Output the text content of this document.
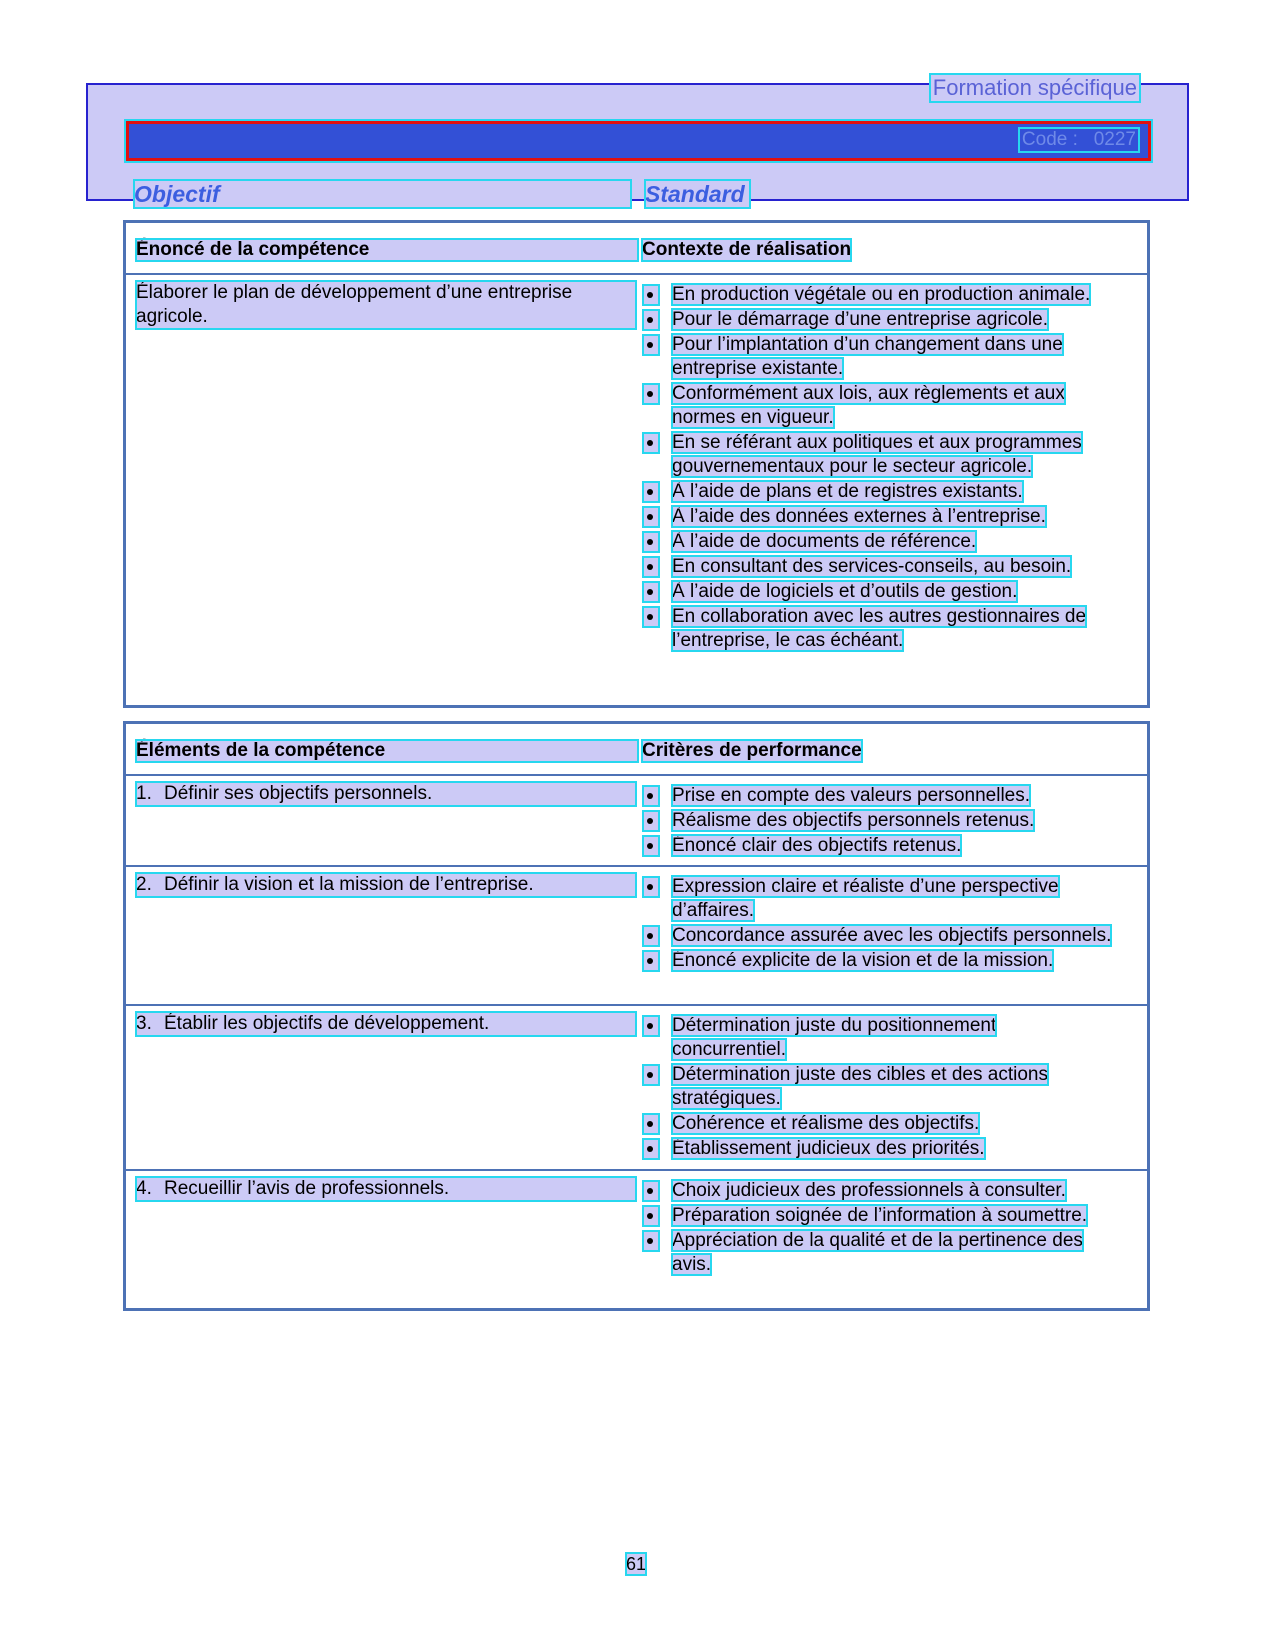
Formation spécifique
Code :   0227
Objectif	Standard
Énoncé de la compétence	Contexte de réalisation
Élaborer le plan de développement d’une entreprise agricole.
En production végétale ou en production animale.
Pour le démarrage d’une entreprise agricole.
Pour l’implantation d’un changement dans une entreprise existante.
Conformément aux lois, aux règlements et aux normes en vigueur.
En se référant aux politiques et aux programmes gouvernementaux pour le secteur agricole.
À l’aide de plans et de registres existants.
À l’aide des données externes à l’entreprise.
À l’aide de documents de référence.
En consultant des services-conseils, au besoin.
À l’aide de logiciels et d’outils de gestion.
En collaboration avec les autres gestionnaires de l’entreprise, le cas échéant.
Éléments de la compétence	Critères de performance
1. Définir ses objectifs personnels.	Prise en compte des valeurs personnelles.
Réalisme des objectifs personnels retenus.
Énoncé clair des objectifs retenus.
2. Définir la vision et la mission de l’entreprise.	Expression claire et réaliste d’une perspective d’affaires.
Concordance assurée avec les objectifs personnels.
Énoncé explicite de la vision et de la mission.
3. Établir les objectifs de développement.	Détermination juste du positionnement concurrentiel.
Détermination juste des cibles et des actions stratégiques.
Cohérence et réalisme des objectifs.
Établissement judicieux des priorités.
4. Recueillir l’avis de professionnels.	Choix judicieux des professionnels à consulter.
Préparation soignée de l’information à soumettre.
Appréciation de la qualité et de la pertinence des avis.
61
